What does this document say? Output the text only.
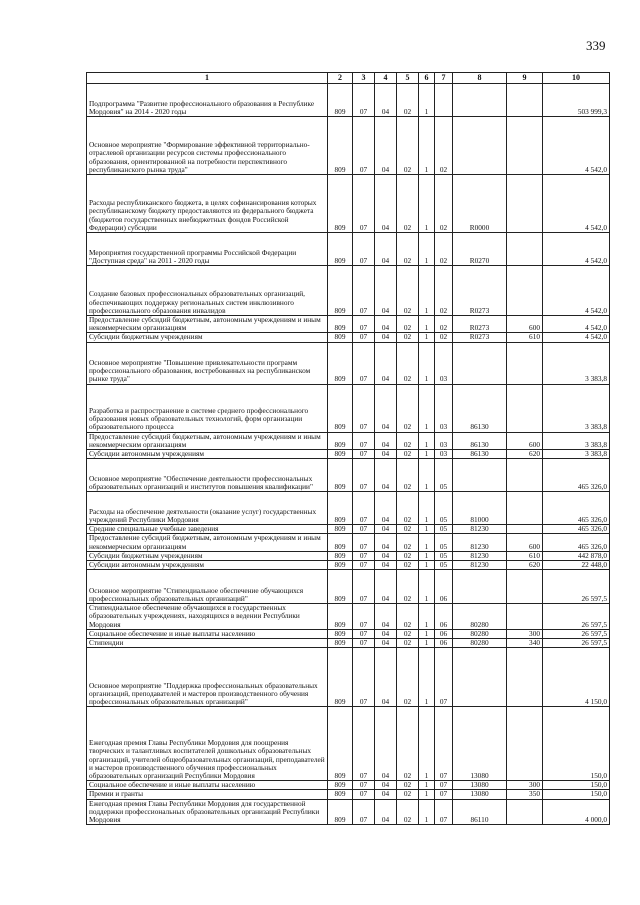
339
1	2	3	4	5	6	7	8	9	10
Подпрограмма "Развитие профессионального образования в Республике Мордовия" на 2014 - 2020 годы	809	07	04	02	1				503 999,3
Основное мероприятие "Формирование эффективной территориально-отраслевой организации ресурсов системы профессионального образования, ориентированной на потребности перспективного республиканского рынка труда"	809	07	04	02	1	02			4 542,0
Расходы республиканского бюджета, в целях софинансирования которых республиканскому бюджету предоставляются из федерального бюджета (бюджетов государственных внебюджетных фондов Российской Федерации) субсидии	809	07	04	02	1	02	R0000		4 542,0
Мероприятия государственной программы Российской Федерации "Доступная среда" на 2011 - 2020 годы	809	07	04	02	1	02	R0270		4 542,0
Создание базовых профессиональных образовательных организаций, обеспечивающих поддержку региональных систем инклюзивного профессионального образования инвалидов	809	07	04	02	1	02	R0273		4 542,0
Предоставление субсидий бюджетным, автономным учреждениям и иным некоммерческим организациям	809	07	04	02	1	02	R0273	600	4 542,0
Субсидии бюджетным учреждениям	809	07	04	02	1	02	R0273	610	4 542,0
Основное мероприятие "Повышение привлекательности программ профессионального образования, востребованных на республиканском рынке труда"	809	07	04	02	1	03			3 383,8
Разработка и распространение в системе среднего профессионального образования новых образовательных технологий, форм организации образовательного процесса	809	07	04	02	1	03	86130		3 383,8
Предоставление субсидий бюджетным, автономным учреждениям и иным некоммерческим организациям	809	07	04	02	1	03	86130	600	3 383,8
Субсидии автономным учреждениям	809	07	04	02	1	03	86130	620	3 383,8
Основное мероприятие "Обеспечение деятельности профессиональных образовательных организаций и институтов повышения квалификации"	809	07	04	02	1	05			465 326,0
Расходы на обеспечение деятельности (оказание услуг) государственных учреждений Республики Мордовия	809	07	04	02	1	05	81000		465 326,0
Средние специальные учебные заведения	809	07	04	02	1	05	81230		465 326,0
Предоставление субсидий бюджетным, автономным учреждениям и иным некоммерческим организациям	809	07	04	02	1	05	81230	600	465 326,0
Субсидии бюджетным учреждениям	809	07	04	02	1	05	81230	610	442 878,0
Субсидии автономным учреждениям	809	07	04	02	1	05	81230	620	22 448,0
Основное мероприятие "Стипендиальное обеспечение обучающихся профессиональных образовательных организаций"	809	07	04	02	1	06			26 597,5
Стипендиальное обеспечение обучающихся в государственных образовательных учреждениях, находящихся в ведении Республики Мордовия	809	07	04	02	1	06	80280		26 597,5
Социальное обеспечение и иные выплаты населению	809	07	04	02	1	06	80280	300	26 597,5
Стипендии	809	07	04	02	1	06	80280	340	26 597,5
Основное мероприятие "Поддержка профессиональных образовательных организаций, преподавателей и мастеров производственного обучения профессиональных образовательных организаций"	809	07	04	02	1	07			4 150,0
Ежегодная премия Главы Республики Мордовия для поощрения творческих и талантливых воспитателей дошкольных образовательных организаций, учителей общеобразовательных организаций, преподавателей и мастеров производственного обучения профессиональных образовательных организаций Республики Мордовия	809	07	04	02	1	07	13080		150,0
Социальное обеспечение и иные выплаты населению	809	07	04	02	1	07	13080	300	150,0
Премии и гранты	809	07	04	02	1	07	13080	350	150,0
Ежегодная премия Главы Республики Мордовия для государственной поддержки профессиональных образовательных организаций Республики Мордовия	809	07	04	02	1	07	86110		4 000,0
